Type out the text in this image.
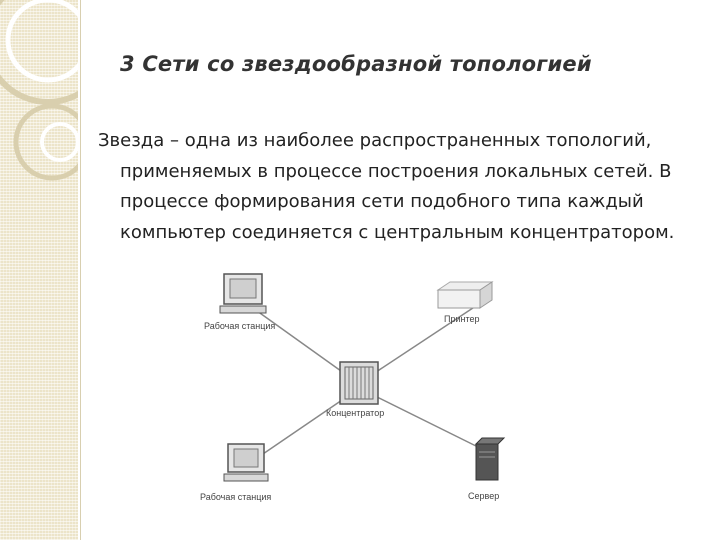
3 Сети со звездообразной топологией

Звезда – одна из наиболее распространенных топологий, применяемых в процессе построения локальных сетей. В процессе формирования сети подобного типа каждый компьютер соединяется с центральным концентратором.

Рабочая станция
Принтер
Концентратор
Рабочая станция	Сервер
